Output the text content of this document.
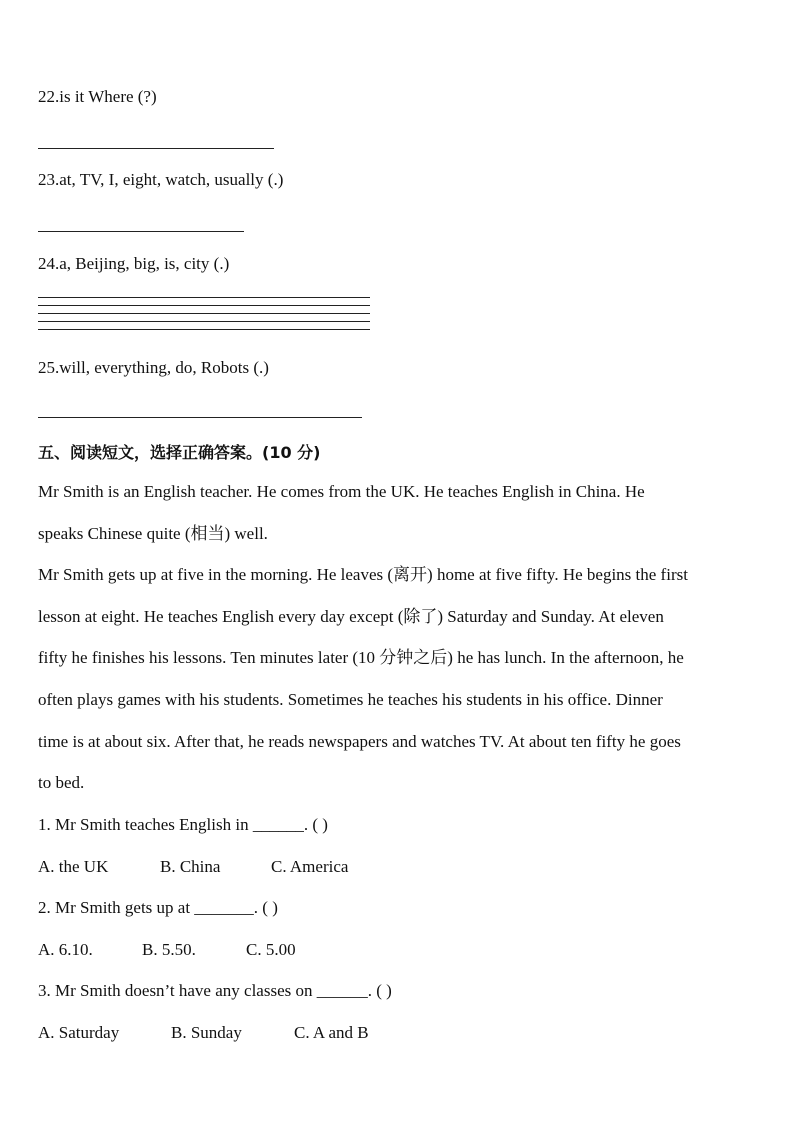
22.is it Where (?)
23.at, TV, I, eight, watch, usually (.)
24.a, Beijing, big, is, city (.)
25.will, everything, do, Robots (.)
五、阅读短文，选择正确答案。(10 分)
Mr Smith is an English teacher. He comes from the UK. He teaches English in China. He
speaks Chinese quite (相当) well.
Mr Smith gets up at five in the morning. He leaves (离开) home at five fifty. He begins the first
lesson at eight. He teaches English every day except (除了) Saturday and Sunday. At eleven
fifty he finishes his lessons. Ten minutes later (10 分钟之后) he has lunch. In the afternoon, he
often plays games with his students. Sometimes he teaches his students in his office. Dinner
time is at about six. After that, he reads newspapers and watches TV. At about ten fifty he goes
to bed.
1. Mr Smith teaches English in ______. ( )
A. the UK	B. China	C. America
2. Mr Smith gets up at _______. ( )
A. 6.10.	B. 5.50.	C. 5.00
3. Mr Smith doesn’t have any classes on ______. ( )
A. Saturday	B. Sunday	C. A and B
